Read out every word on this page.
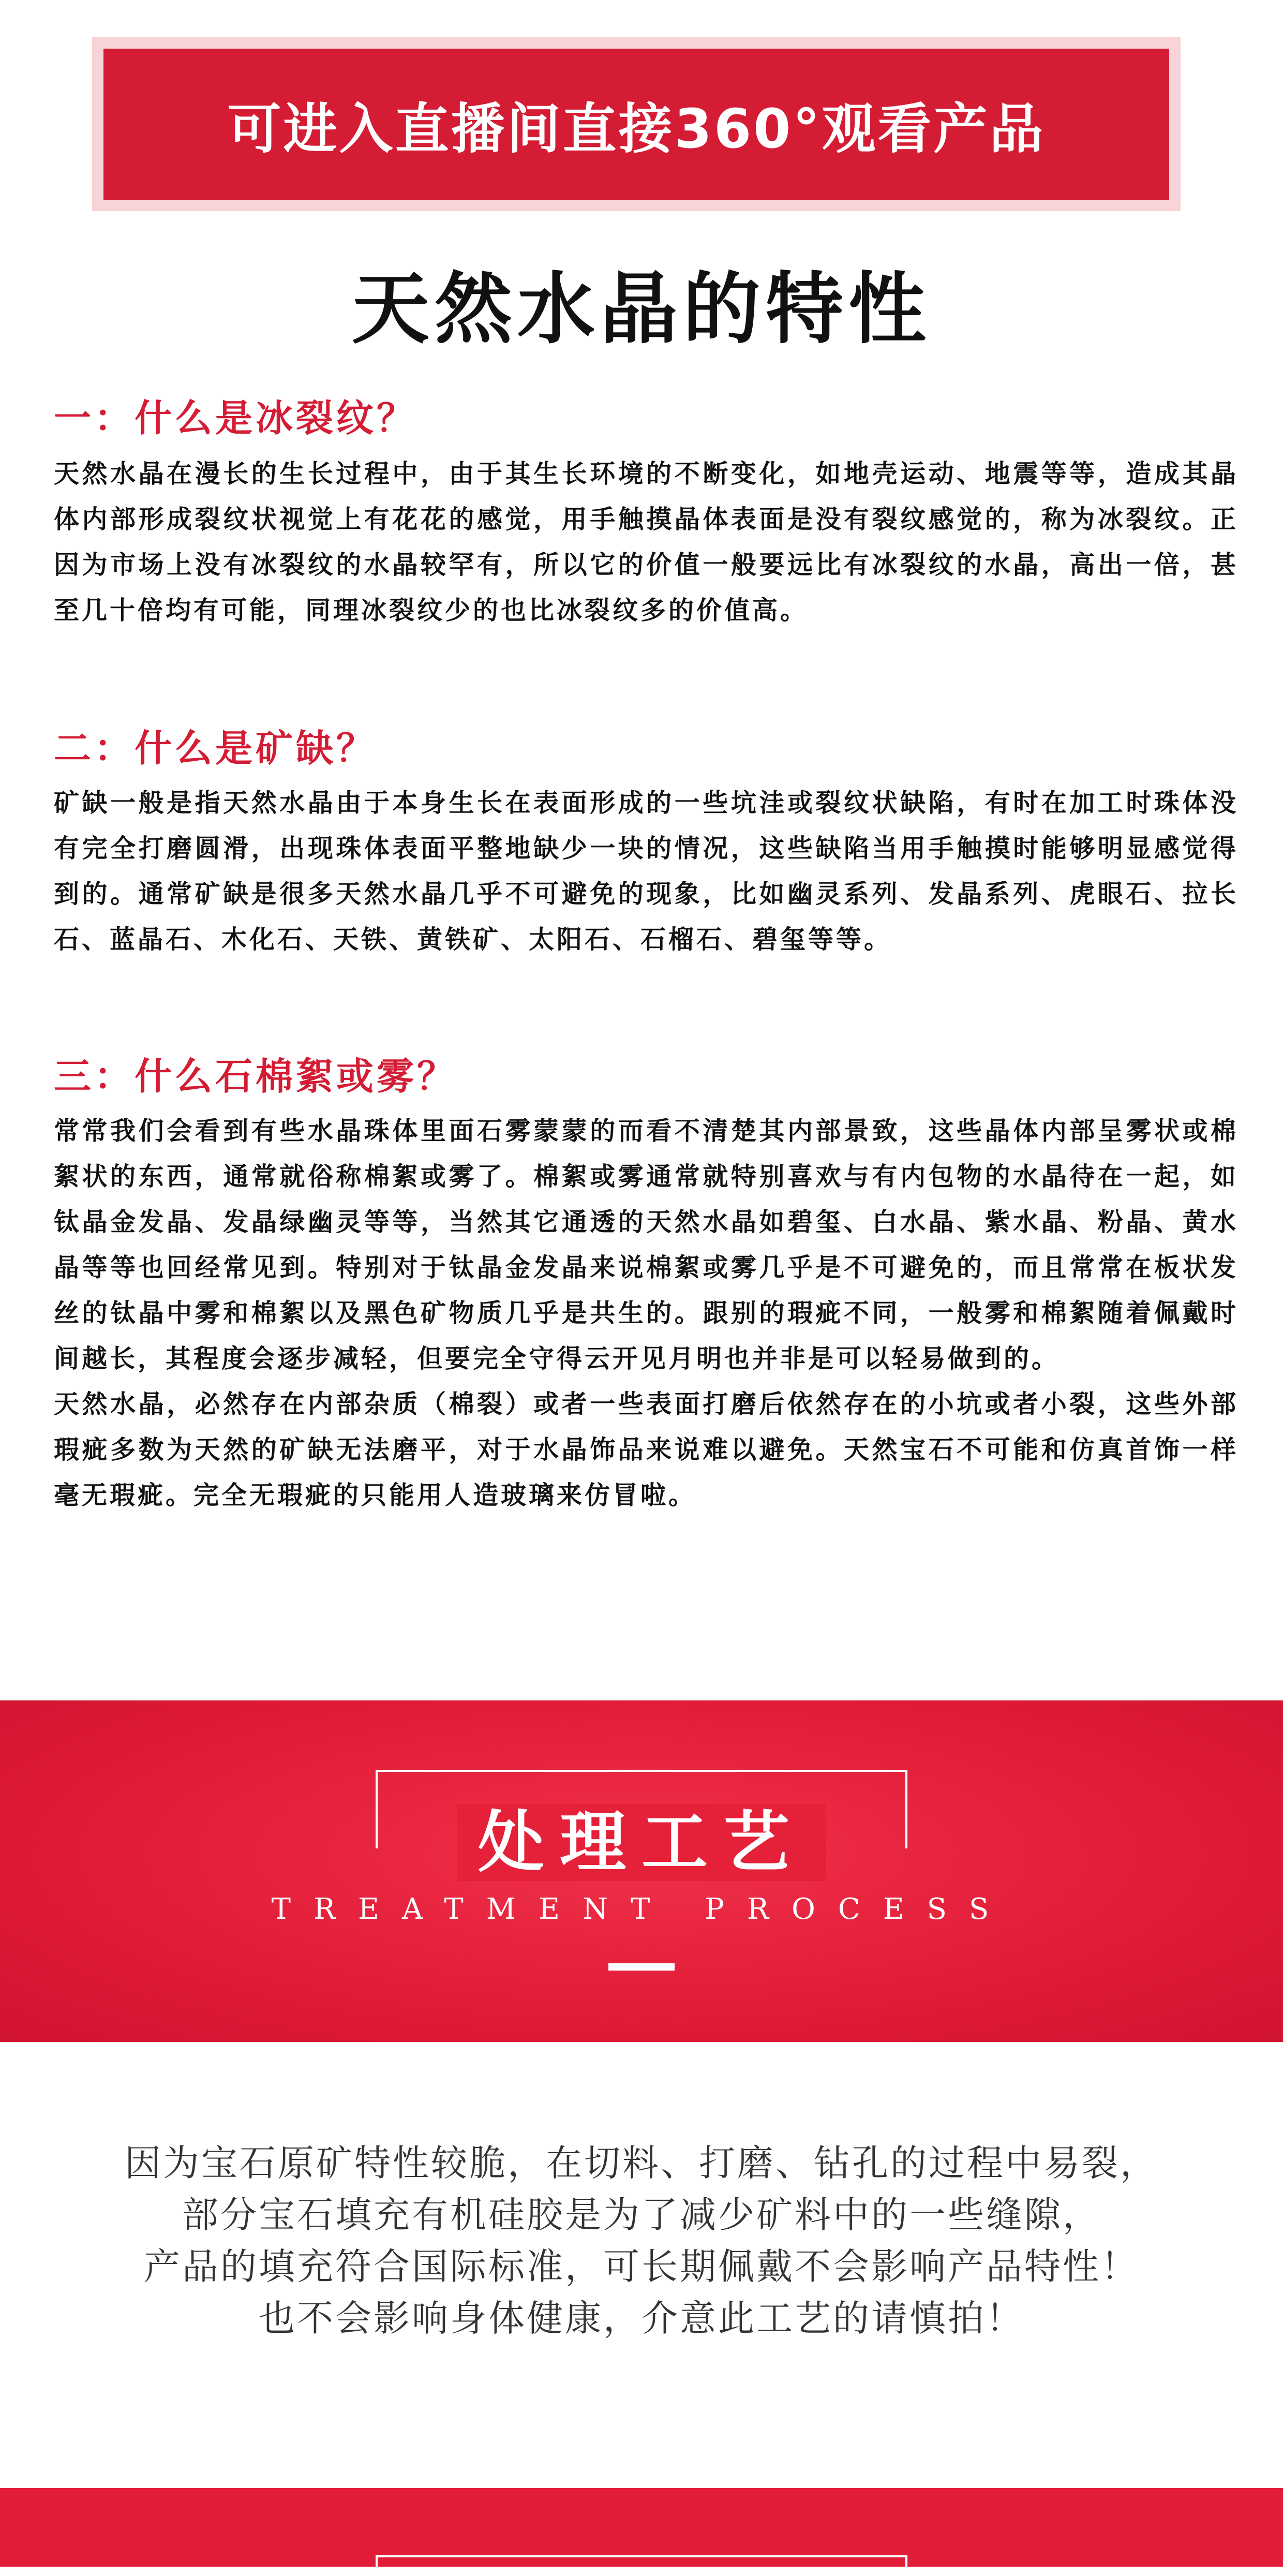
可进入直播间直接360°观看产品
天然水晶的特性
一：什么是冰裂纹？

天然水晶在漫长的生长过程中，由于其生长环境的不断变化，如地壳运动、地震等等，造成其晶体内部形成裂纹状视觉上有花花的感觉，用手触摸晶体表面是没有裂纹感觉的，称为冰裂纹。正因为市场上没有冰裂纹的水晶较罕有，所以它的价值一般要远比有冰裂纹的水晶，高出一倍，甚至几十倍均有可能，同理冰裂纹少的也比冰裂纹多的价值高。

二：什么是矿缺？

矿缺一般是指天然水晶由于本身生长在表面形成的一些坑洼或裂纹状缺陷，有时在加工时珠体没有完全打磨圆滑，出现珠体表面平整地缺少一块的情况，这些缺陷当用手触摸时能够明显感觉得到的。通常矿缺是很多天然水晶几乎不可避免的现象，比如幽灵系列、发晶系列、虎眼石、拉长石、蓝晶石、木化石、天铁、黄铁矿、太阳石、石榴石、碧玺等等。

三：什么石棉絮或雾？

常常我们会看到有些水晶珠体里面石雾蒙蒙的而看不清楚其内部景致，这些晶体内部呈雾状或棉絮状的东西，通常就俗称棉絮或雾了。棉絮或雾通常就特别喜欢与有内包物的水晶待在一起，如钛晶金发晶、发晶绿幽灵等等，当然其它通透的天然水晶如碧玺、白水晶、紫水晶、粉晶、黄水晶等等也回经常见到。特别对于钛晶金发晶来说棉絮或雾几乎是不可避免的，而且常常在板状发丝的钛晶中雾和棉絮以及黑色矿物质几乎是共生的。跟别的瑕疵不同，一般雾和棉絮随着佩戴时间越长，其程度会逐步减轻，但要完全守得云开见月明也并非是可以轻易做到的。

天然水晶，必然存在内部杂质（棉裂）或者一些表面打磨后依然存在的小坑或者小裂，这些外部瑕疵多数为天然的矿缺无法磨平，对于水晶饰品来说难以避免。天然宝石不可能和仿真首饰一样毫无瑕疵。完全无瑕疵的只能用人造玻璃来仿冒啦。

处理工艺
TREATMENT PROCESS
因为宝石原矿特性较脆，在切料、打磨、钻孔的过程中易裂，
部分宝石填充有机硅胶是为了减少矿料中的一些缝隙，
产品的填充符合国际标准，可长期佩戴不会影响产品特性！
也不会影响身体健康，介意此工艺的请慎拍！
